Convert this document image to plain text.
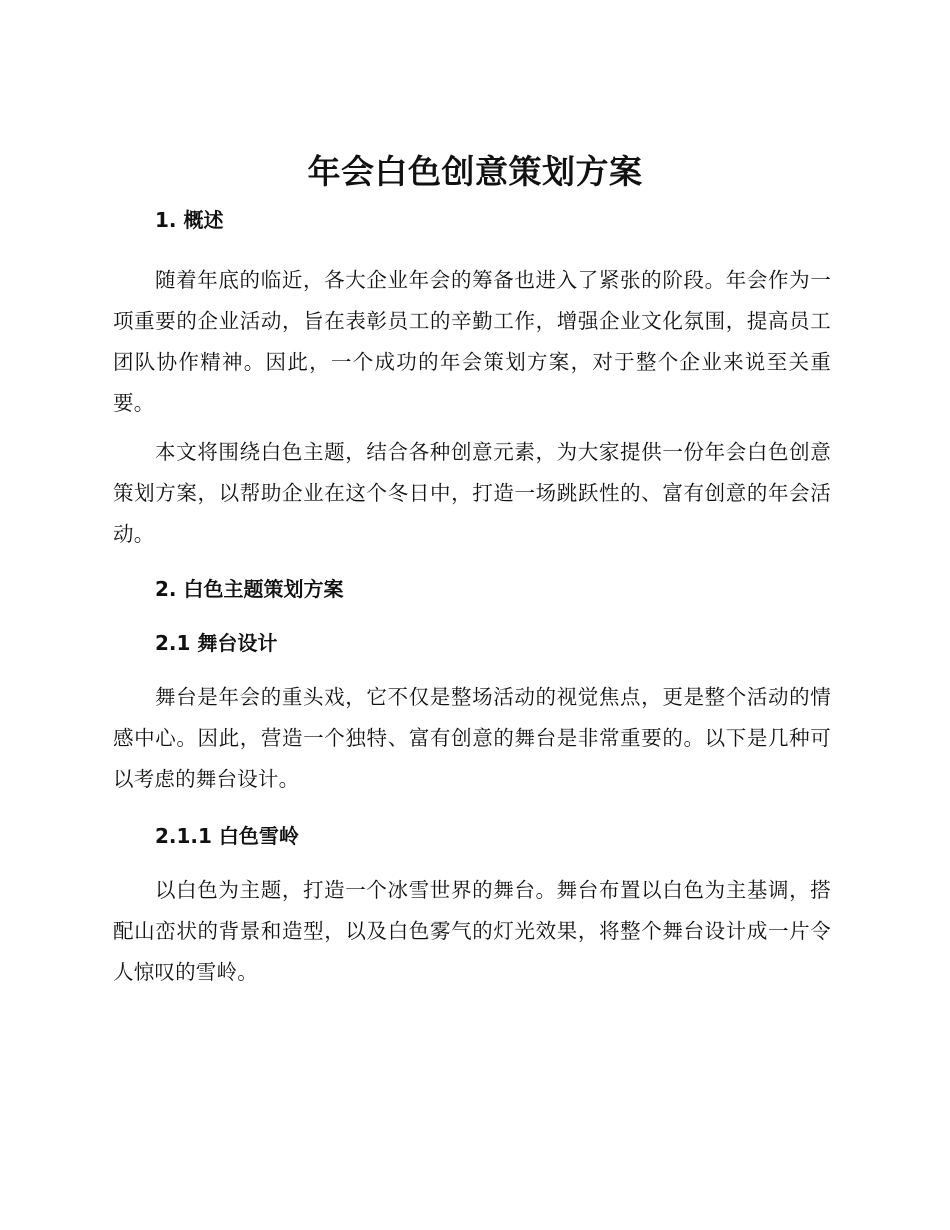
年会白色创意策划方案
1. 概述

随着年底的临近，各大企业年会的筹备也进入了紧张的阶段。年会作为一项重要的企业活动，旨在表彰员工的辛勤工作，增强企业文化氛围，提高员工团队协作精神。因此，一个成功的年会策划方案，对于整个企业来说至关重要。

本文将围绕白色主题，结合各种创意元素，为大家提供一份年会白色创意策划方案，以帮助企业在这个冬日中，打造一场跳跃性的、富有创意的年会活动。

2. 白色主题策划方案
2.1 舞台设计

舞台是年会的重头戏，它不仅是整场活动的视觉焦点，更是整个活动的情感中心。因此，营造一个独特、富有创意的舞台是非常重要的。以下是几种可以考虑的舞台设计。

2.1.1 白色雪岭

以白色为主题，打造一个冰雪世界的舞台。舞台布置以白色为主基调，搭配山峦状的背景和造型，以及白色雾气的灯光效果，将整个舞台设计成一片令人惊叹的雪岭。
